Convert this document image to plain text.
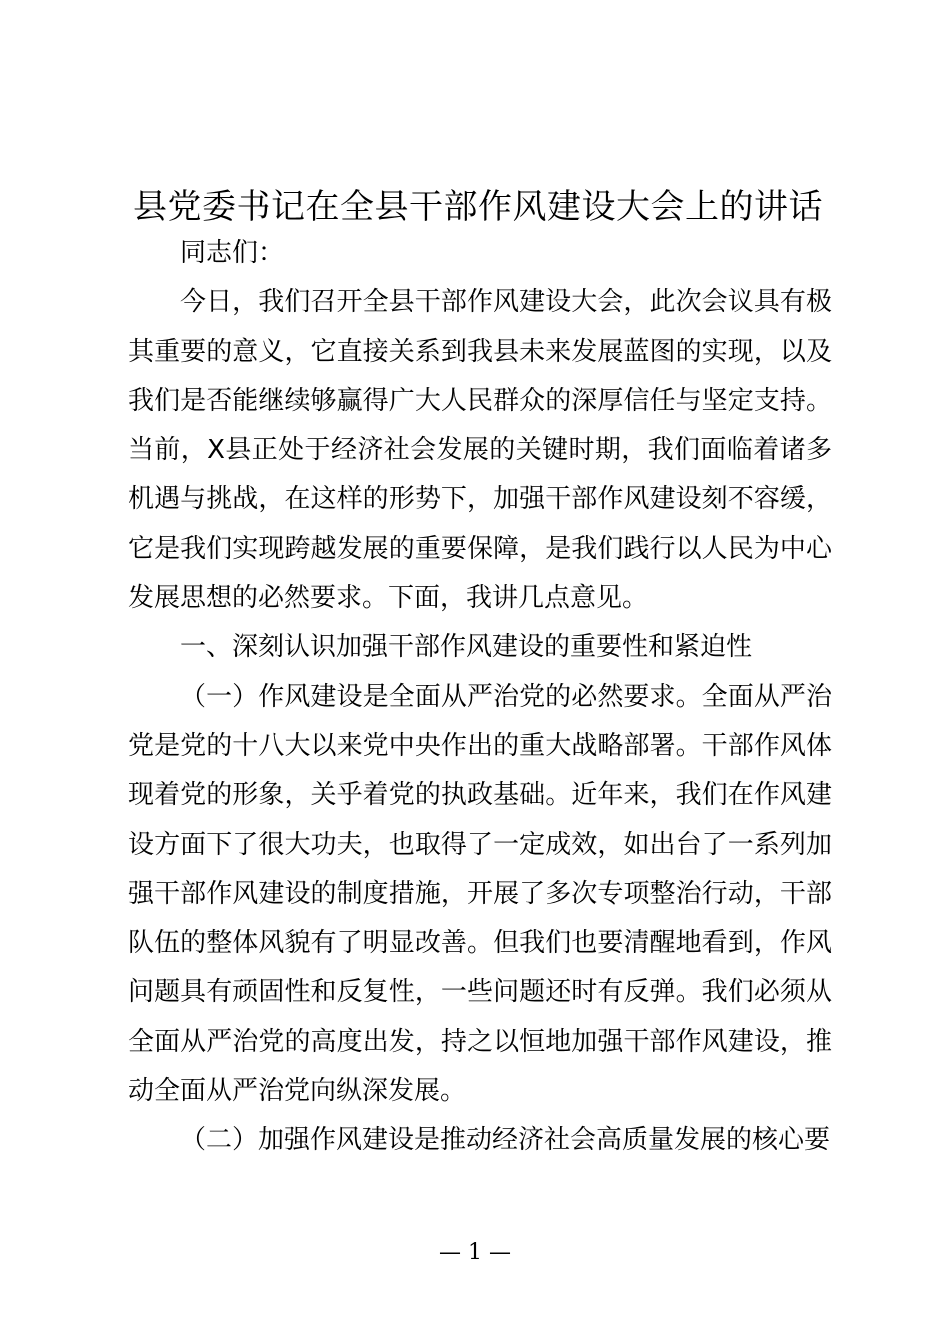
县党委书记在全县干部作风建设大会上的讲话

同志们：

今日，我们召开全县干部作风建设大会，此次会议具有极其重要的意义，它直接关系到我县未来发展蓝图的实现，以及我们是否能继续够赢得广大人民群众的深厚信任与坚定支持。当前，X县正处于经济社会发展的关键时期，我们面临着诸多机遇与挑战，在这样的形势下，加强干部作风建设刻不容缓，它是我们实现跨越发展的重要保障，是我们践行以人民为中心发展思想的必然要求。下面，我讲几点意见。

一、深刻认识加强干部作风建设的重要性和紧迫性

（一）作风建设是全面从严治党的必然要求。全面从严治党是党的十八大以来党中央作出的重大战略部署。干部作风体现着党的形象，关乎着党的执政基础。近年来，我们在作风建设方面下了很大功夫，也取得了一定成效，如出台了一系列加强干部作风建设的制度措施，开展了多次专项整治行动，干部队伍的整体风貌有了明显改善。但我们也要清醒地看到，作风问题具有顽固性和反复性，一些问题还时有反弹。我们必须从全面从严治党的高度出发，持之以恒地加强干部作风建设，推动全面从严治党向纵深发展。

（二）加强作风建设是推动经济社会高质量发展的核心要

— 1 —
